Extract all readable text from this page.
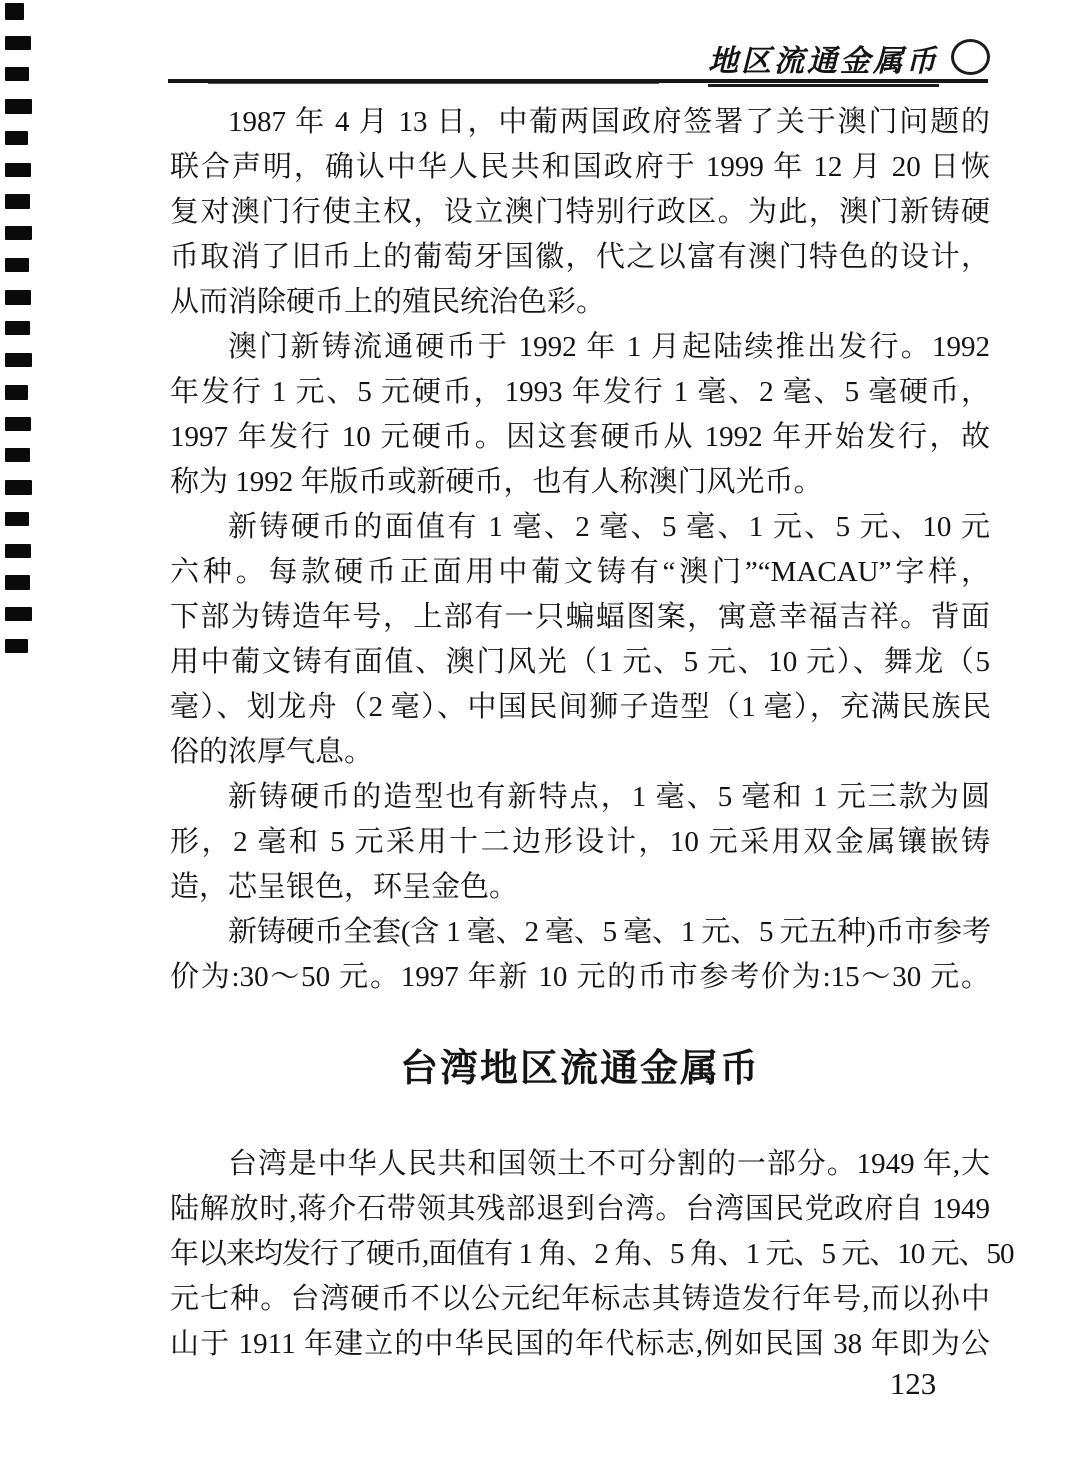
地区流通金属币
1987 年 4 月 13 日，中葡两国政府签署了关于澳门问题的
联合声明，确认中华人民共和国政府于 1999 年 12 月 20 日恢
复对澳门行使主权，设立澳门特别行政区。为此，澳门新铸硬
币取消了旧币上的葡萄牙国徽，代之以富有澳门特色的设计，
从而消除硬币上的殖民统治色彩。
澳门新铸流通硬币于 1992 年 1 月起陆续推出发行。1992
年发行 1 元、5 元硬币，1993 年发行 1 毫、2 毫、5 毫硬币，
1997 年发行 10 元硬币。因这套硬币从 1992 年开始发行，故
称为 1992 年版币或新硬币，也有人称澳门风光币。
新铸硬币的面值有 1 毫、2 毫、5 毫、1 元、5 元、10 元
六种。每款硬币正面用中葡文铸有“澳门”“MACAU”字样，
下部为铸造年号，上部有一只蝙蝠图案，寓意幸福吉祥。背面
用中葡文铸有面值、澳门风光（1 元、5 元、10 元）、舞龙（5
毫）、划龙舟（2 毫）、中国民间狮子造型（1 毫），充满民族民
俗的浓厚气息。
新铸硬币的造型也有新特点，1 毫、5 毫和 1 元三款为圆
形，2 毫和 5 元采用十二边形设计，10 元采用双金属镶嵌铸
造，芯呈银色，环呈金色。
新铸硬币全套(含 1 毫、2 毫、5 毫、1 元、5 元五种)币市参考
价为:30～50 元。1997 年新 10 元的币市参考价为:15～30 元。
台湾地区流通金属币
台湾是中华人民共和国领土不可分割的一部分。1949 年,大
陆解放时,蒋介石带领其残部退到台湾。台湾国民党政府自 1949
年以来均发行了硬币,面值有 1 角、2 角、5 角、1 元、5 元、10 元、50
元七种。台湾硬币不以公元纪年标志其铸造发行年号,而以孙中
山于 1911 年建立的中华民国的年代标志,例如民国 38 年即为公
123
